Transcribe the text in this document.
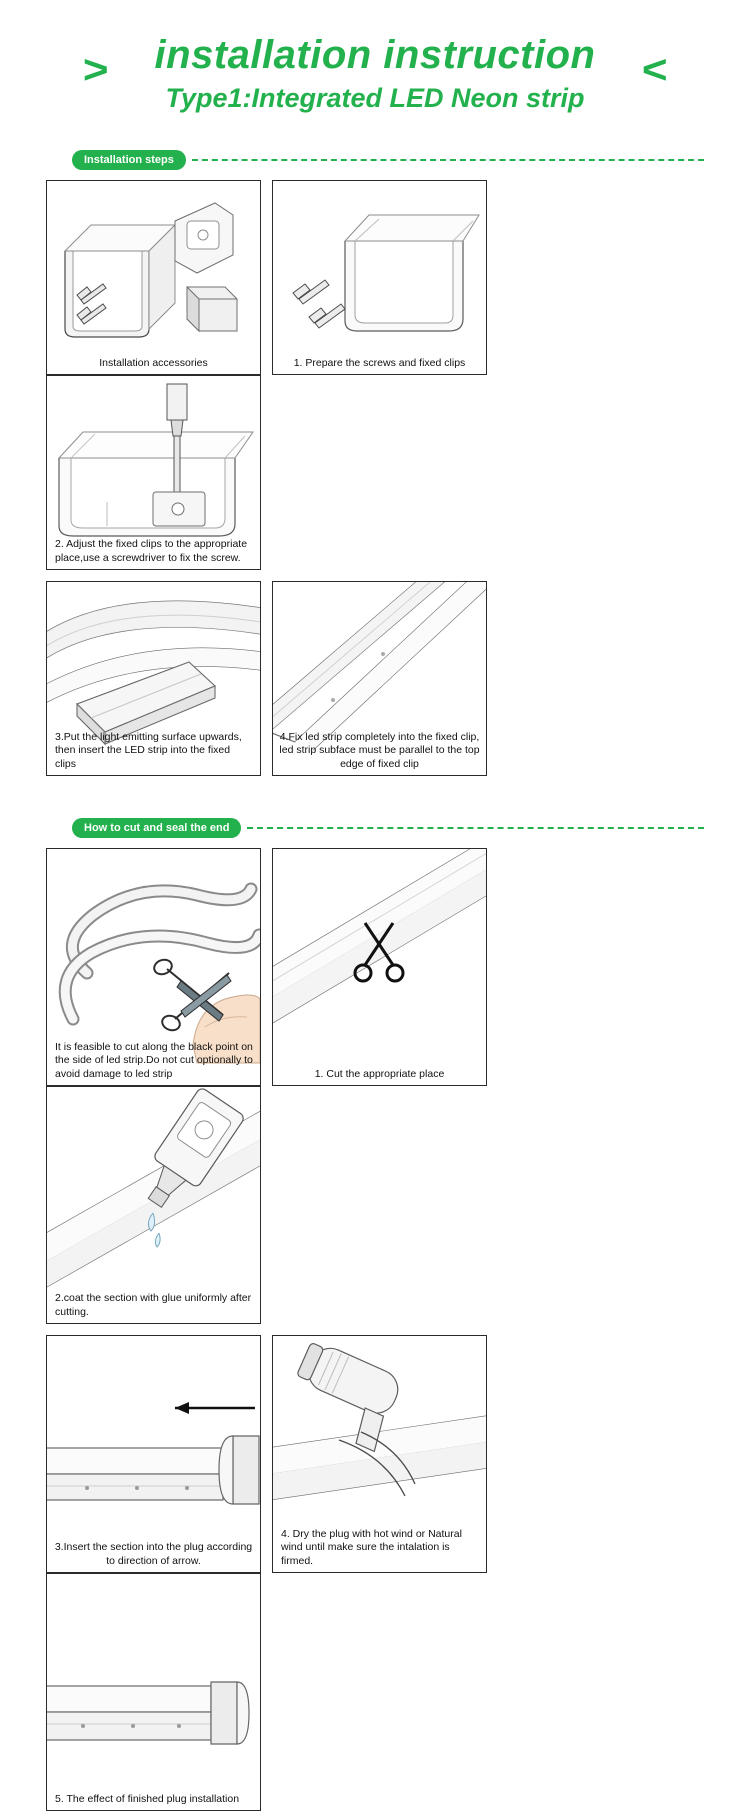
>	<
installation instruction
Type1:Integrated LED Neon strip
Installation steps
Installation accessories	1. Prepare the screws and fixed clips
2. Adjust the fixed clips to the appropriate place,use a screwdriver to fix the screw.
3.Put the light emitting surface upwards, then insert the LED strip into the fixed clips
4.Fix led strip completely into the fixed clip, led strip subface must be parallel to the top edge of fixed clip
How to cut and seal the end
It is feasible to cut along the black point on the side of led strip.Do not cut optionally to avoid damage to led strip	1. Cut the appropriate place
2.coat the section with glue uniformly after cutting.
3.Insert the section into the plug according to direction of arrow.
4. Dry the plug with hot wind or Natural wind until make sure the intalation is firmed.
5. The effect of finished plug installation
